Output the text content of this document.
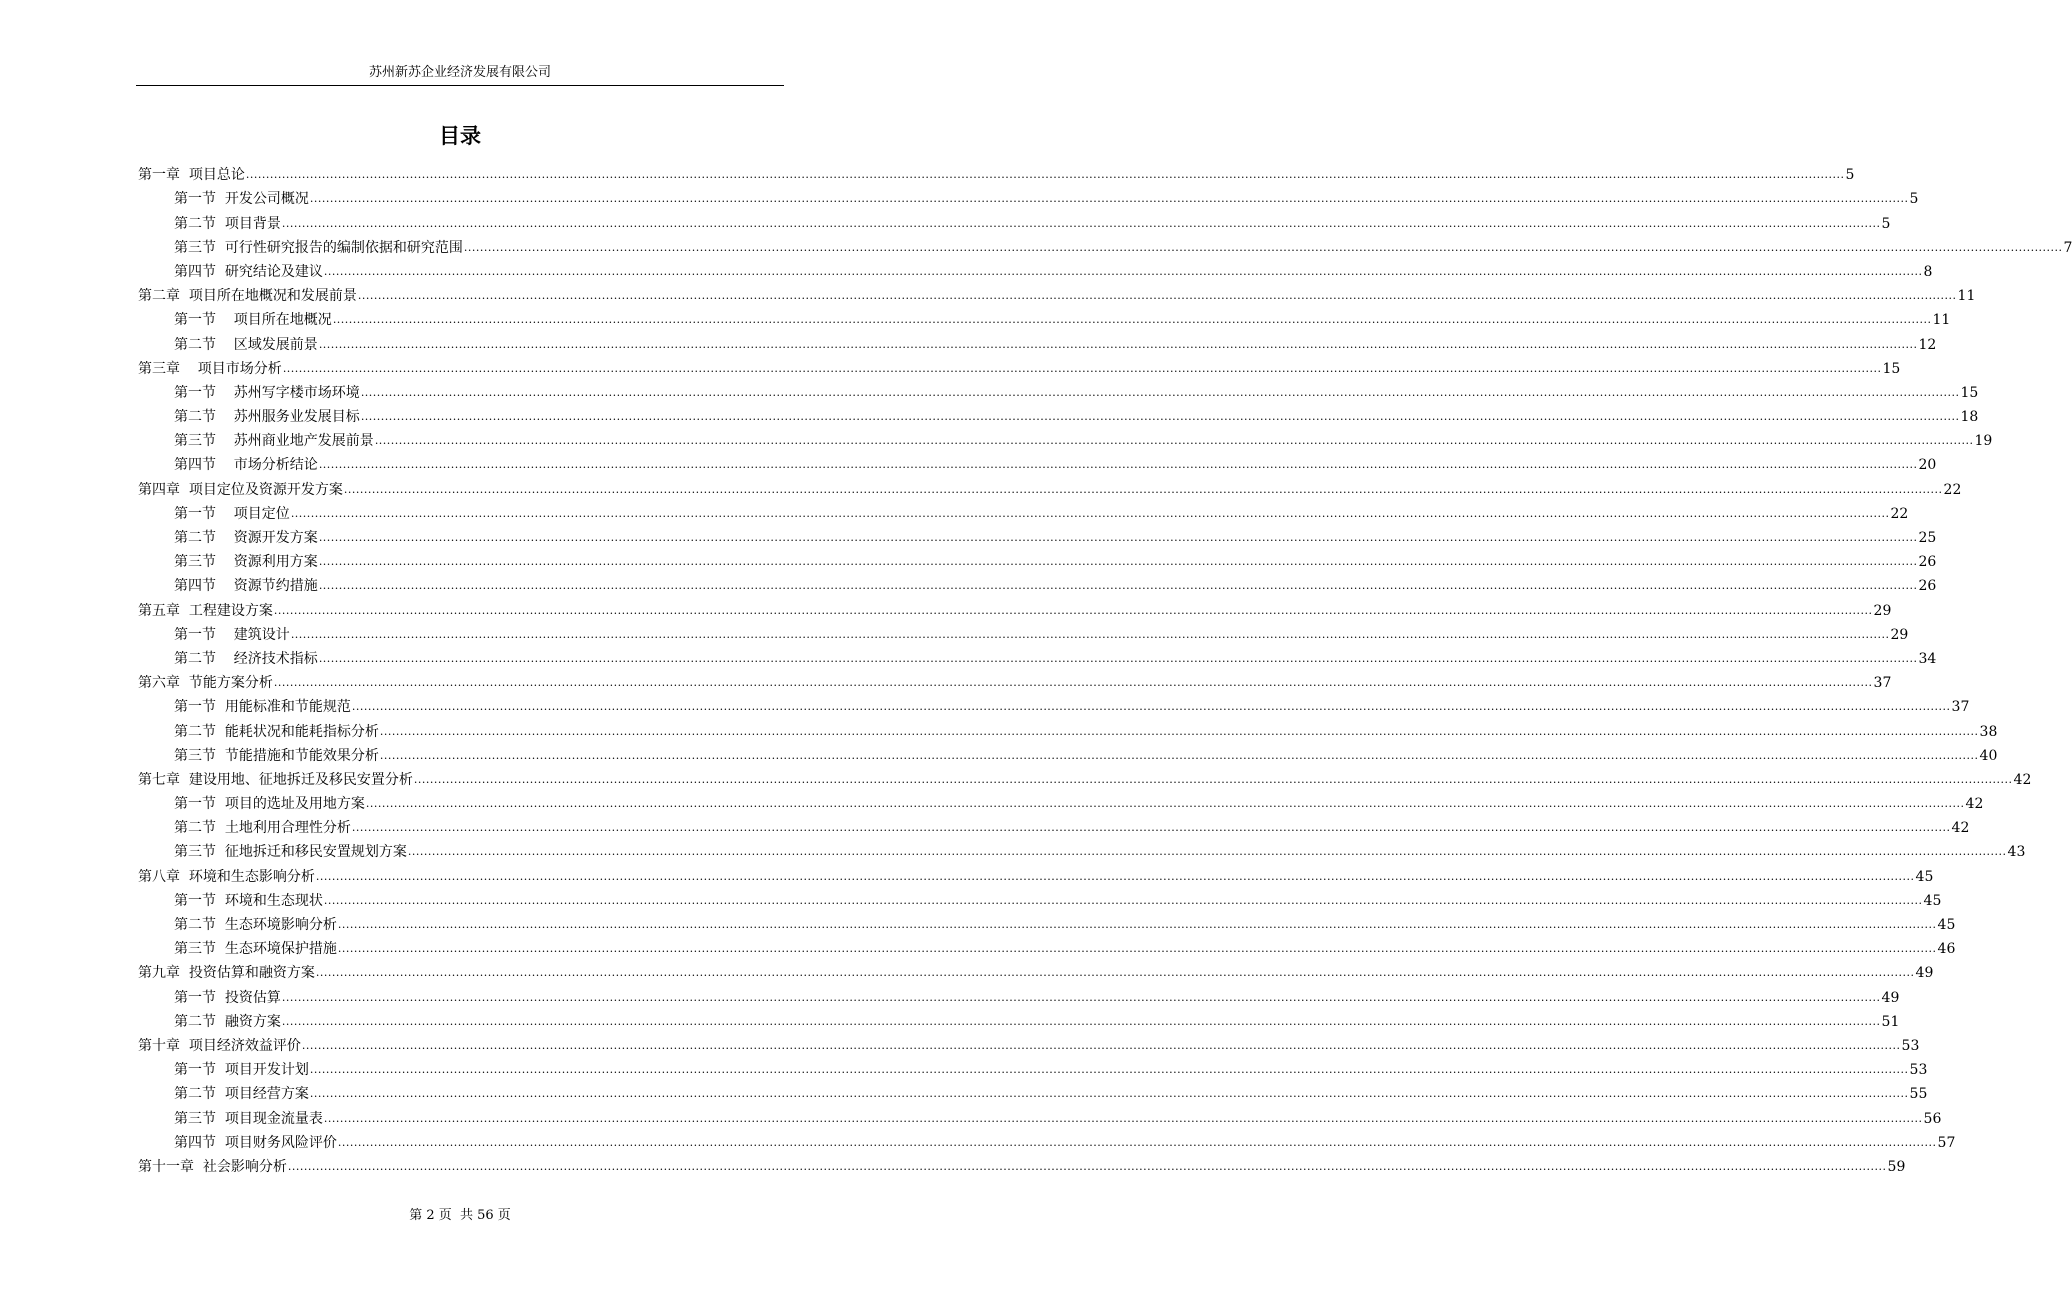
苏州新苏企业经济发展有限公司
目录
第一章  项目总论 ................................................................................................................................................................................................................................................................................................................................................................................................................ 5
第一节  开发公司概况 ................................................................................................................................................................................................................................................................................................................................................................................................................ 5
第二节  项目背景 ................................................................................................................................................................................................................................................................................................................................................................................................................ 5
第三节  可行性研究报告的编制依据和研究范围 ................................................................................................................................................................................................................................................................................................................................................................................................................ 7
第四节  研究结论及建议 ................................................................................................................................................................................................................................................................................................................................................................................................................ 8
第二章  项目所在地概况和发展前景 ................................................................................................................................................................................................................................................................................................................................................................................................................ 11
第一节    项目所在地概况 ................................................................................................................................................................................................................................................................................................................................................................................................................ 11
第二节    区域发展前景 ................................................................................................................................................................................................................................................................................................................................................................................................................ 12
第三章    项目市场分析 ................................................................................................................................................................................................................................................................................................................................................................................................................ 15
第一节    苏州写字楼市场环境 ................................................................................................................................................................................................................................................................................................................................................................................................................ 15
第二节    苏州服务业发展目标 ................................................................................................................................................................................................................................................................................................................................................................................................................ 18
第三节    苏州商业地产发展前景 ................................................................................................................................................................................................................................................................................................................................................................................................................ 19
第四节    市场分析结论 ................................................................................................................................................................................................................................................................................................................................................................................................................ 20
第四章  项目定位及资源开发方案 ................................................................................................................................................................................................................................................................................................................................................................................................................ 22
第一节    项目定位 ................................................................................................................................................................................................................................................................................................................................................................................................................ 22
第二节    资源开发方案 ................................................................................................................................................................................................................................................................................................................................................................................................................ 25
第三节    资源利用方案 ................................................................................................................................................................................................................................................................................................................................................................................................................ 26
第四节    资源节约措施 ................................................................................................................................................................................................................................................................................................................................................................................................................ 26
第五章  工程建设方案 ................................................................................................................................................................................................................................................................................................................................................................................................................ 29
第一节    建筑设计 ................................................................................................................................................................................................................................................................................................................................................................................................................ 29
第二节    经济技术指标 ................................................................................................................................................................................................................................................................................................................................................................................................................ 34
第六章  节能方案分析 ................................................................................................................................................................................................................................................................................................................................................................................................................ 37
第一节  用能标准和节能规范 ................................................................................................................................................................................................................................................................................................................................................................................................................ 37
第二节  能耗状况和能耗指标分析 ................................................................................................................................................................................................................................................................................................................................................................................................................ 38
第三节  节能措施和节能效果分析 ................................................................................................................................................................................................................................................................................................................................................................................................................ 40
第七章  建设用地、征地拆迁及移民安置分析 ................................................................................................................................................................................................................................................................................................................................................................................................................ 42
第一节  项目的选址及用地方案 ................................................................................................................................................................................................................................................................................................................................................................................................................ 42
第二节  土地利用合理性分析 ................................................................................................................................................................................................................................................................................................................................................................................................................ 42
第三节  征地拆迁和移民安置规划方案 ................................................................................................................................................................................................................................................................................................................................................................................................................ 43
第八章  环境和生态影响分析 ................................................................................................................................................................................................................................................................................................................................................................................................................ 45
第一节  环境和生态现状 ................................................................................................................................................................................................................................................................................................................................................................................................................ 45
第二节  生态环境影响分析 ................................................................................................................................................................................................................................................................................................................................................................................................................ 45
第三节  生态环境保护措施 ................................................................................................................................................................................................................................................................................................................................................................................................................ 46
第九章  投资估算和融资方案 ................................................................................................................................................................................................................................................................................................................................................................................................................ 49
第一节  投资估算 ................................................................................................................................................................................................................................................................................................................................................................................................................ 49
第二节  融资方案 ................................................................................................................................................................................................................................................................................................................................................................................................................ 51
第十章  项目经济效益评价 ................................................................................................................................................................................................................................................................................................................................................................................................................ 53
第一节  项目开发计划 ................................................................................................................................................................................................................................................................................................................................................................................................................ 53
第二节  项目经营方案 ................................................................................................................................................................................................................................................................................................................................................................................................................ 55
第三节  项目现金流量表 ................................................................................................................................................................................................................................................................................................................................................................................................................ 56
第四节  项目财务风险评价 ................................................................................................................................................................................................................................................................................................................................................................................................................ 57
第十一章  社会影响分析 ................................................................................................................................................................................................................................................................................................................................................................................................................ 59
第 2 页  共 56 页
